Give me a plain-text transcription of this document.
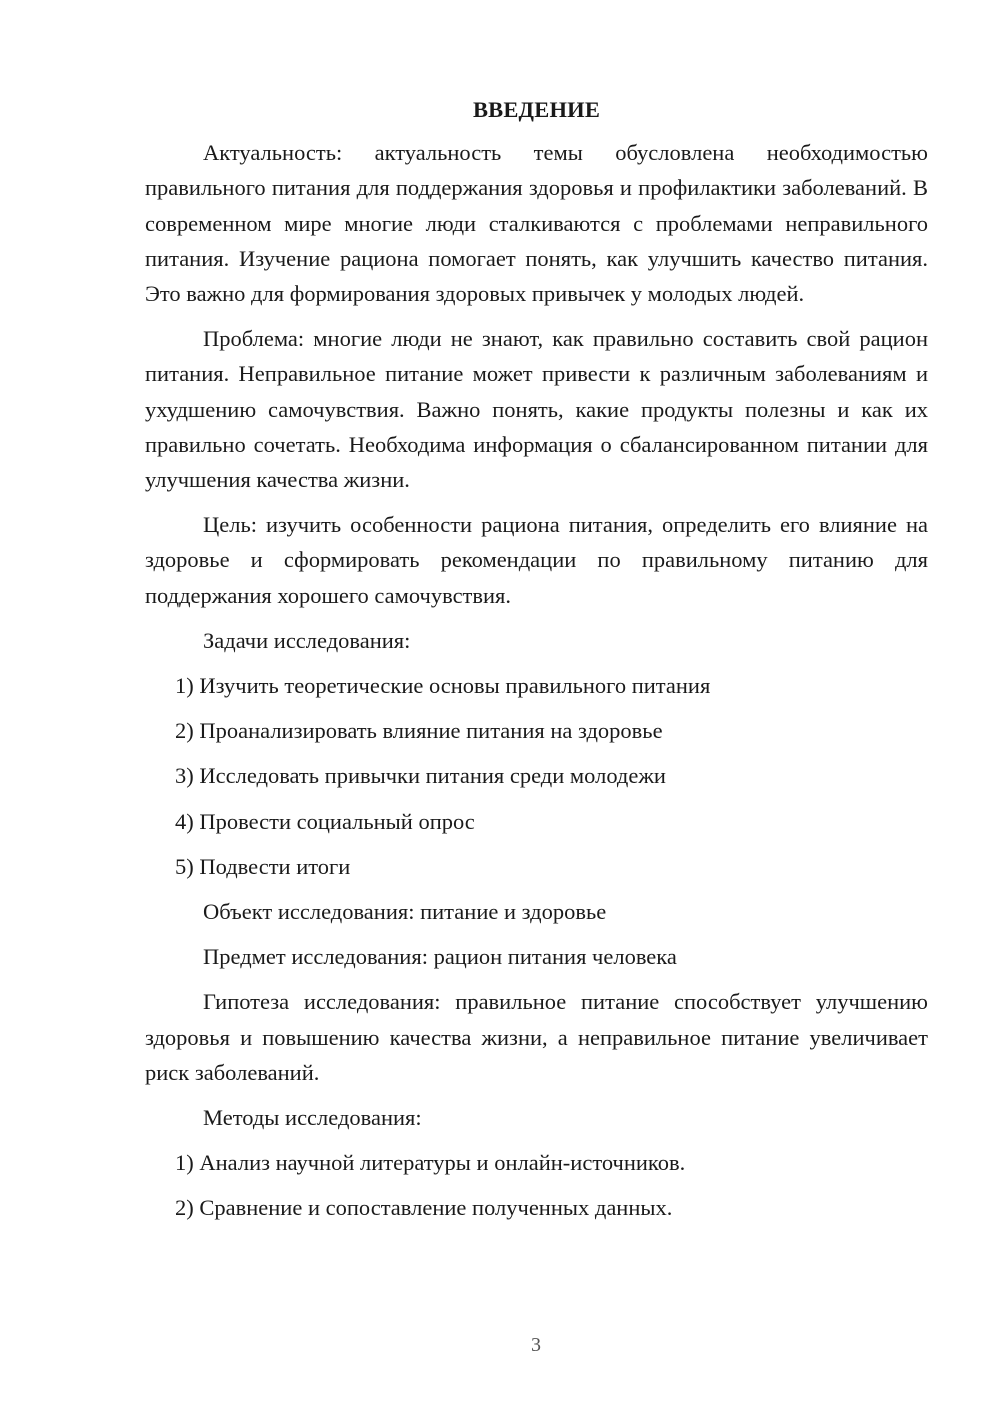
ВВЕДЕНИЕ

Актуальность: актуальность темы обусловлена необходимостью правильного питания для поддержания здоровья и профилактики заболеваний. В современном мире многие люди сталкиваются с проблемами неправильного питания. Изучение рациона помогает понять, как улучшить качество питания. Это важно для формирования здоровых привычек у молодых людей.

Проблема: многие люди не знают, как правильно составить свой рацион питания. Неправильное питание может привести к различным заболеваниям и ухудшению самочувствия. Важно понять, какие продукты полезны и как их правильно сочетать. Необходима информация о сбалансированном питании для улучшения качества жизни.

Цель: изучить особенности рациона питания, определить его влияние на здоровье и сформировать рекомендации по правильному питанию для поддержания хорошего самочувствия.

Задачи исследования:

1) Изучить теоретические основы правильного питания
2) Проанализировать влияние питания на здоровье
3) Исследовать привычки питания среди молодежи
4) Провести социальный опрос
5) Подвести итоги

Объект исследования: питание и здоровье

Предмет исследования: рацион питания человека

Гипотеза исследования: правильное питание способствует улучшению здоровья и повышению качества жизни, а неправильное питание увеличивает риск заболеваний.

Методы исследования:

1) Анализ научной литературы и онлайн-источников.
2) Сравнение и сопоставление полученных данных.
3
